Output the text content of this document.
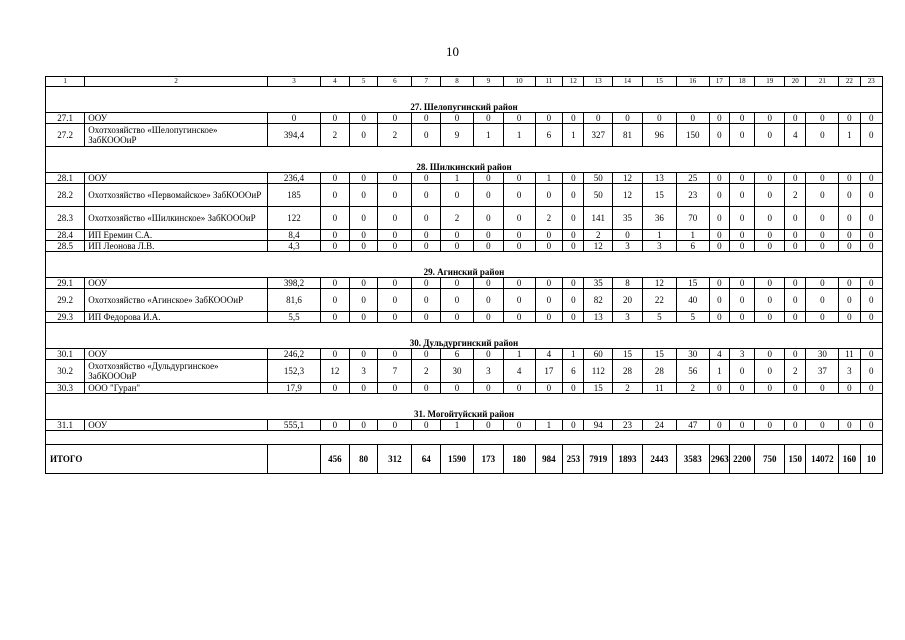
10
1	2	3	4	5	6	7	8	9	10	11	12	13	14	15	16	17	18	19	20	21	22	23

27. Шелопугинский район																						
27.1	ООУ	0	0	0	0	0	0	0	0	0	0	0	0	0	0	0	0	0	0	0	0	0
27.2	Охотхозяйство «Шелопугинское» ЗабКОООиР	394,4	2	0	2	0	9	1	1	6	1	327	81	96	150	0	0	0	4	0	1	0

28. Шилкинский район																						
28.1	ООУ	236,4	0	0	0	0	1	0	0	1	0	50	12	13	25	0	0	0	0	0	0	0
28.2	Охотхозяйство «Первомайское» ЗабКОООиР	185	0	0	0	0	0	0	0	0	0	50	12	15	23	0	0	0	2	0	0	0
28.3	Охотхозяйство «Шилкинское» ЗабКОООиР	122	0	0	0	0	2	0	0	2	0	141	35	36	70	0	0	0	0	0	0	0
28.4	ИП Еремин С.А.	8,4	0	0	0	0	0	0	0	0	0	2	0	1	1	0	0	0	0	0	0	0
28.5	ИП Леонова Л.В.	4,3	0	0	0	0	0	0	0	0	0	12	3	3	6	0	0	0	0	0	0	0

29. Агинский район																						
29.1	ООУ	398,2	0	0	0	0	0	0	0	0	0	35	8	12	15	0	0	0	0	0	0	0
29.2	Охотхозяйство «Агинское» ЗабКОООиР	81,6	0	0	0	0	0	0	0	0	0	82	20	22	40	0	0	0	0	0	0	0
29.3	ИП Федорова И.А.	5,5	0	0	0	0	0	0	0	0	0	13	3	5	5	0	0	0	0	0	0	0

30. Дульдургинский район																						
30.1	ООУ	246,2	0	0	0	0	6	0	1	4	1	60	15	15	30	4	3	0	0	30	11	0
30.2	Охотхозяйство «Дульдургинское» ЗабКОООиР	152,3	12	3	7	2	30	3	4	17	6	112	28	28	56	1	0	0	2	37	3	0
30.3	ООО "Гуран"	17,9	0	0	0	0	0	0	0	0	0	15	2	11	2	0	0	0	0	0	0	0

31. Могойтуйский район																						
31.1	ООУ	555,1	0	0	0	0	1	0	0	1	0	94	23	24	47	0	0	0	0	0	0	0

ИТОГО			456	80	312	64	1590	173	180	984	253	7919	1893	2443	3583	2963	2200	750	150	14072	160	10
